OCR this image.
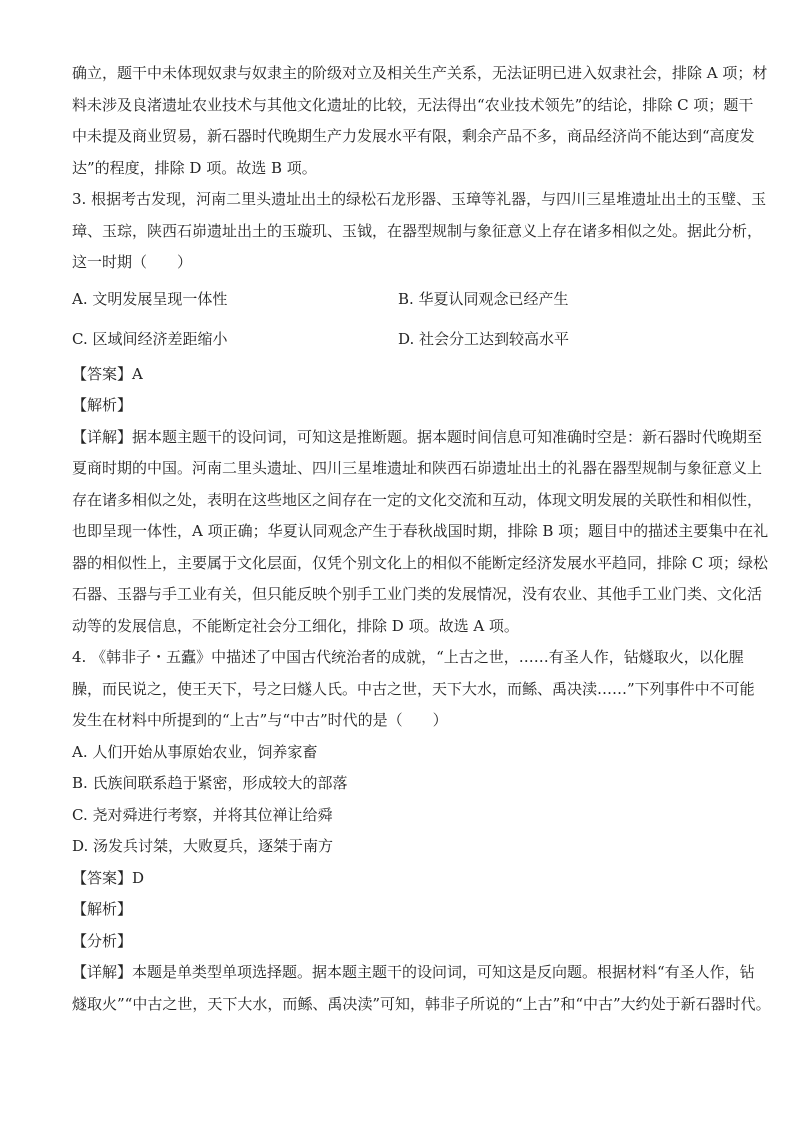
确立，题干中未体现奴隶与奴隶主的阶级对立及相关生产关系，无法证明已进入奴隶社会，排除 A 项；材
料未涉及良渚遗址农业技术与其他文化遗址的比较，无法得出“农业技术领先”的结论，排除 C 项；题干
中未提及商业贸易，新石器时代晚期生产力发展水平有限，剩余产品不多，商品经济尚不能达到“高度发
达”的程度，排除 D 项。故选 B 项。
3. 根据考古发现，河南二里头遗址出土的绿松石龙形器、玉璋等礼器，与四川三星堆遗址出土的玉璧、玉
璋、玉琮，陕西石峁遗址出土的玉璇玑、玉钺，在器型规制与象征意义上存在诸多相似之处。据此分析，
这一时期（　　）
A. 文明发展呈现一体性	B. 华夏认同观念已经产生
C. 区域间经济差距缩小	D. 社会分工达到较高水平
【答案】A
【解析】
【详解】据本题主题干的设问词，可知这是推断题。据本题时间信息可知准确时空是：新石器时代晚期至
夏商时期的中国。河南二里头遗址、四川三星堆遗址和陕西石峁遗址出土的礼器在器型规制与象征意义上
存在诸多相似之处，表明在这些地区之间存在一定的文化交流和互动，体现文明发展的关联性和相似性，
也即呈现一体性，A 项正确；华夏认同观念产生于春秋战国时期，排除 B 项；题目中的描述主要集中在礼
器的相似性上，主要属于文化层面，仅凭个别文化上的相似不能断定经济发展水平趋同，排除 C 项；绿松
石器、玉器与手工业有关，但只能反映个别手工业门类的发展情况，没有农业、其他手工业门类、文化活
动等的发展信息，不能断定社会分工细化，排除 D 项。故选 A 项。
4. 《韩非子・五蠹》中描述了中国古代统治者的成就，“上古之世，……有圣人作，钻燧取火，以化腥
臊，而民说之，使王天下，号之曰燧人氏。中古之世，天下大水，而鲧、禹决渎……”下列事件中不可能
发生在材料中所提到的“上古”与“中古”时代的是（　　）
A. 人们开始从事原始农业，饲养家畜
B. 氏族间联系趋于紧密，形成较大的部落
C. 尧对舜进行考察，并将其位禅让给舜
D. 汤发兵讨桀，大败夏兵，逐桀于南方
【答案】D
【解析】
【分析】
【详解】本题是单类型单项选择题。据本题主题干的设问词，可知这是反向题。根据材料“有圣人作，钻
燧取火”“中古之世，天下大水，而鲧、禹决渎”可知，韩非子所说的“上古”和“中古”大约处于新石器时代。
